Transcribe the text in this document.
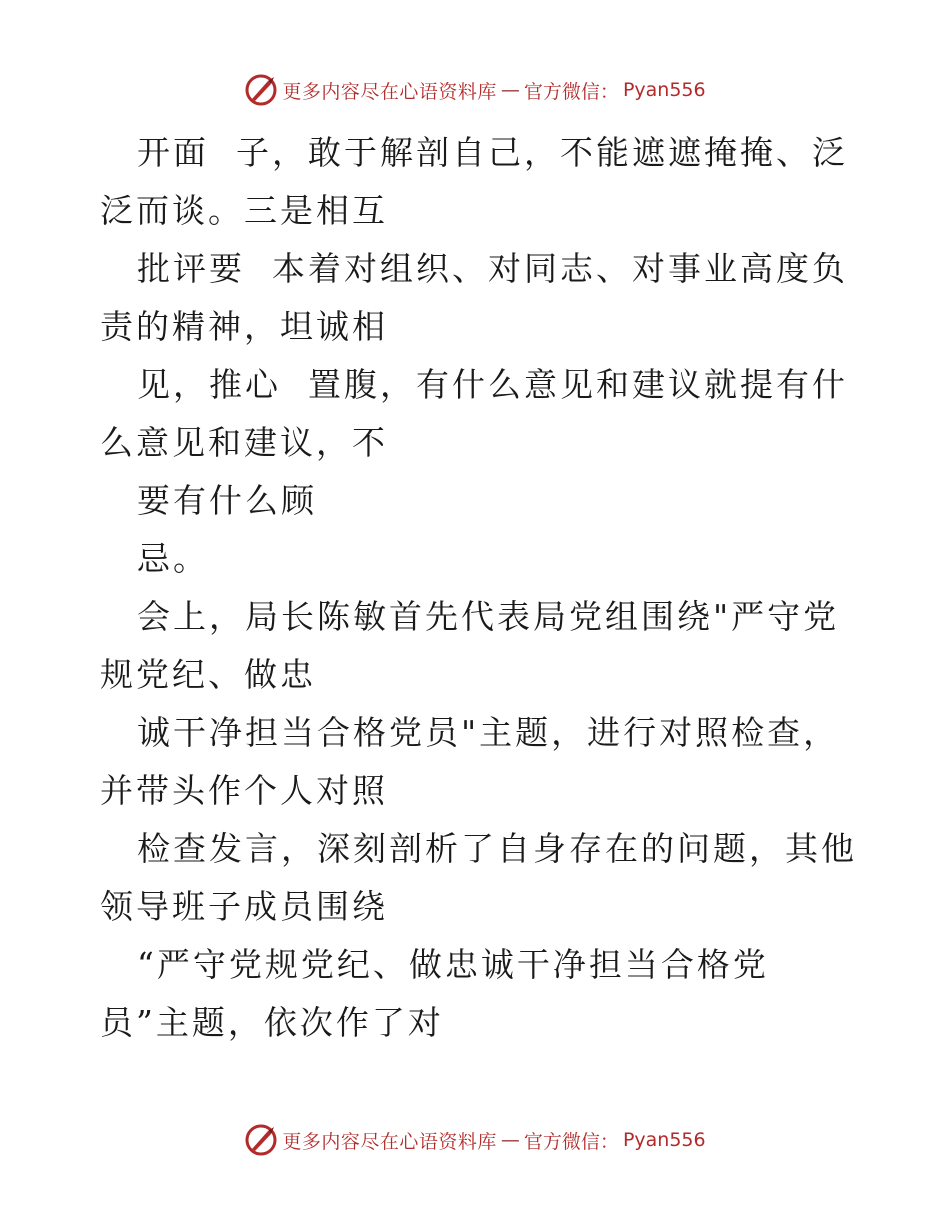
更多内容尽在心语资料库 — 官方微信： Pyan556

开面  子，敢于解剖自己，不能遮遮掩掩、泛泛而谈。三是相互

批评要  本着对组织、对同志、对事业高度负责的精神，坦诚相

见，推心  置腹，有什么意见和建议就提有什么意见和建议，不

要有什么顾

忌。

会上，局长陈敏首先代表局党组围绕"严守党规党纪、做忠

诚干净担当合格党员"主题，进行对照检查，并带头作个人对照

检查发言，深刻剖析了自身存在的问题，其他领导班子成员围绕

“严守党规党纪、做忠诚干净担当合格党员”主题，依次作了对

更多内容尽在心语资料库 — 官方微信： Pyan556
